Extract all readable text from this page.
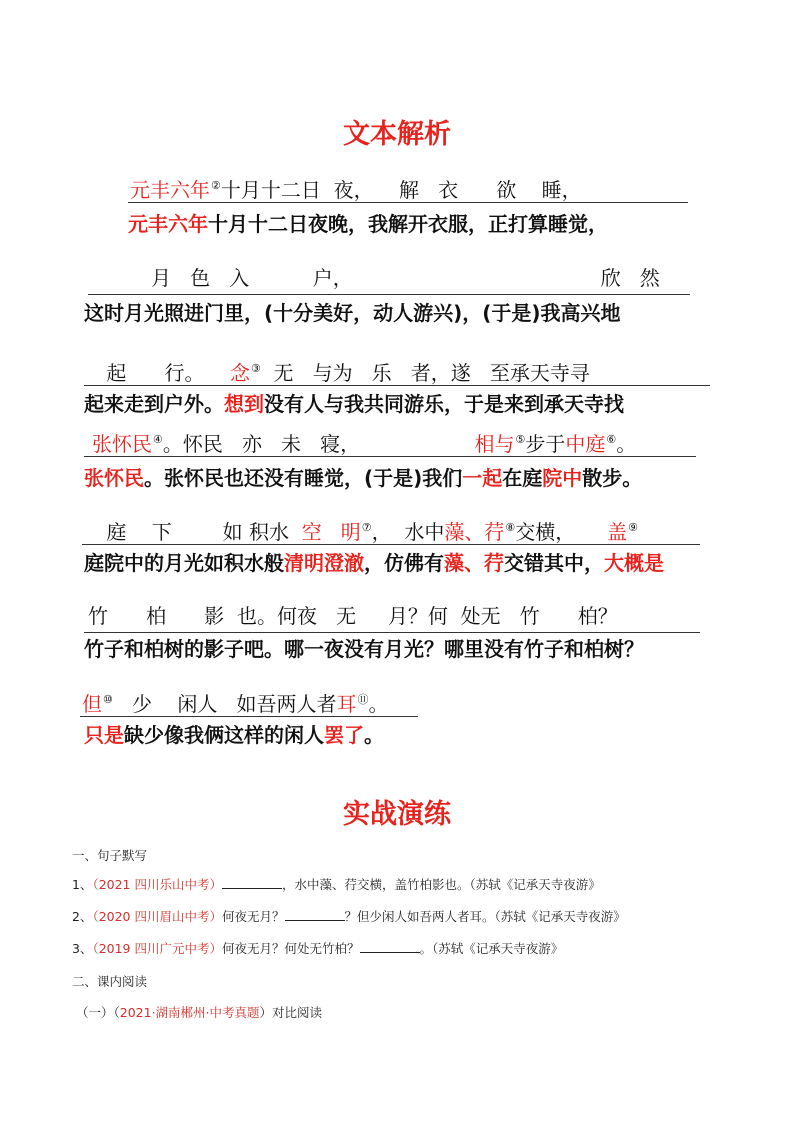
文本解析
元丰六年②十月十二日  夜，    解   衣      欲    睡，
元丰六年十月十二日夜晚，我解开衣服，正打算睡觉，
月   色   入          户，                                       欣   然
这时月光照进门里，(十分美好，动人游兴)，(于是)我高兴地
起      行。    念③  无   与为   乐   者，遂   至承天寺寻
起来走到户外。想到没有人与我共同游乐，于是来到承天寺找
张怀民④。怀民   亦   未   寝，                  相与⑤步于中庭⑥。
张怀民。张怀民也还没有睡觉，(于是)我们一起在庭院中散步。
庭    下        如 积水  空   明⑦，  水中藻、荇⑧交横，     盖⑨
庭院中的月光如积水般清明澄澈，仿佛有藻、荇交错其中，大概是
竹      柏      影  也。何夜   无     月？何  处无   竹      柏？
竹子和柏树的影子吧。哪一夜没有月光？哪里没有竹子和柏树？
但⑩   少    闲人   如吾两人者耳⑪。
只是缺少像我俩这样的闲人罢了。
实战演练
一、句子默写
1、（2021 四川乐山中考）	，水中藻、荇交横，盖竹柏影也。（苏轼《记承天寺夜游》
2、（2020 四川眉山中考）何夜无月？	？但少闲人如吾两人者耳。（苏轼《记承天寺夜游》
3、（2019 四川广元中考）何夜无月？何处无竹柏？	。（苏轼《记承天寺夜游》
二、课内阅读
（一）（2021·湖南郴州·中考真题）对比阅读
